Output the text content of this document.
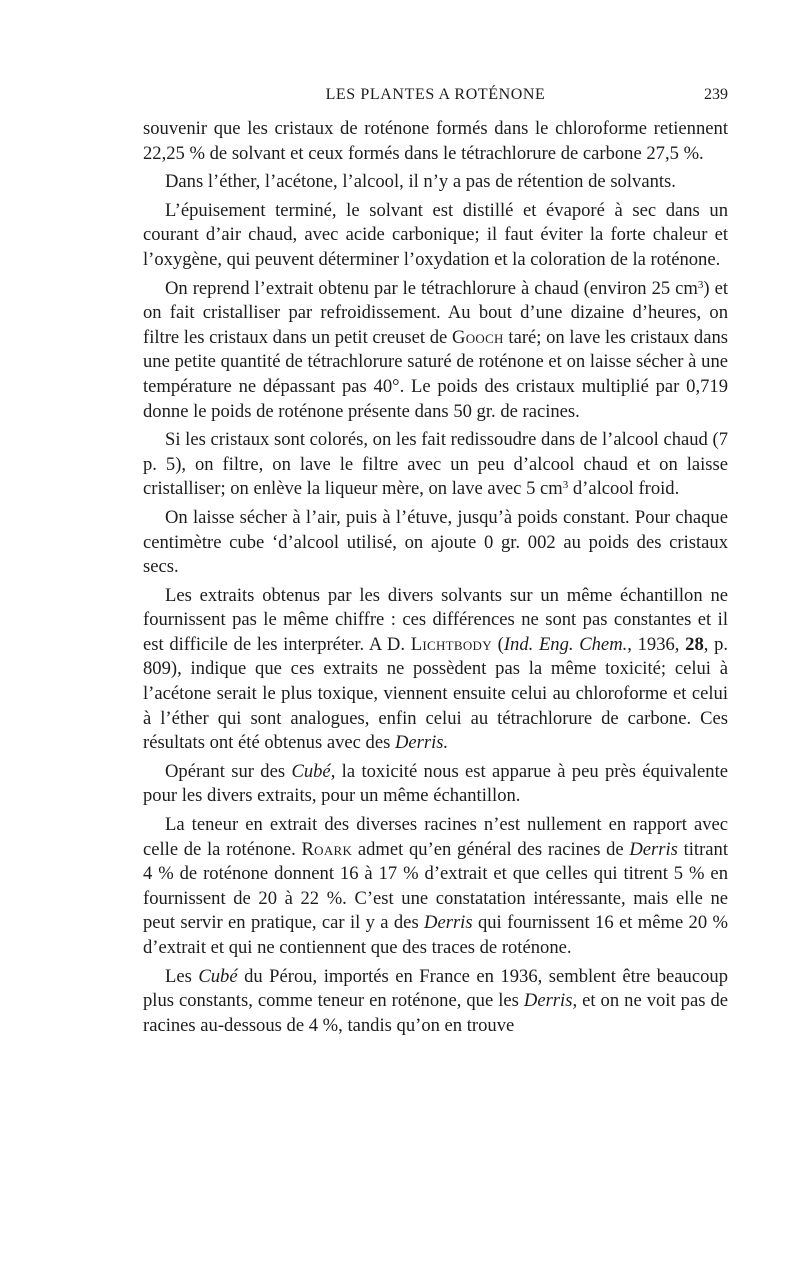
LES PLANTES A ROTÉNONE	239

souvenir que les cristaux de roténone formés dans le chloroforme retiennent 22,25 % de solvant et ceux formés dans le tétrachlorure de carbone 27,5 %.

Dans l’éther, l’acétone, l’alcool, il n’y a pas de rétention de solvants.

L’épuisement terminé, le solvant est distillé et évaporé à sec dans un courant d’air chaud, avec acide carbonique; il faut éviter la forte chaleur et l’oxygène, qui peuvent déterminer l’oxydation et la coloration de la roténone.

On reprend l’extrait obtenu par le tétrachlorure à chaud (environ 25 $cm^3$) et on fait cristalliser par refroidissement. Au bout d’une dizaine d’heures, on filtre les cristaux dans un petit creuset de Gooch taré; on lave les cristaux dans une petite quantité de tétrachlorure saturé de roténone et on laisse sécher à une température ne dépassant pas 40°. Le poids des cristaux multiplié par 0,719 donne le poids de roténone présente dans 50 gr. de racines.

Si les cristaux sont colorés, on les fait redissoudre dans de l’alcool chaud (7 p. 5), on filtre, on lave le filtre avec un peu d’alcool chaud et on laisse cristalliser; on enlève la liqueur mère, on lave avec 5 $cm^3$ d’alcool froid.

On laisse sécher à l’air, puis à l’étuve, jusqu’à poids constant. Pour chaque centimètre cube ‘d’alcool utilisé, on ajoute 0 gr. 002 au poids des cristaux secs.

Les extraits obtenus par les divers solvants sur un même échantillon ne fournissent pas le même chiffre : ces différences ne sont pas constantes et il est difficile de les interpréter. A D. Lichtbody (Ind. Eng. Chem., 1936, 28, p. 809), indique que ces extraits ne possèdent pas la même toxicité; celui à l’acétone serait le plus toxique, viennent ensuite celui au chloroforme et celui à l’éther qui sont analogues, enfin celui au tétrachlorure de carbone. Ces résultats ont été obtenus avec des Derris.

Opérant sur des Cubé, la toxicité nous est apparue à peu près équivalente pour les divers extraits, pour un même échantillon.

La teneur en extrait des diverses racines n’est nullement en rapport avec celle de la roténone. Roark admet qu’en général des racines de Derris titrant 4 % de roténone donnent 16 à 17 % d’extrait et que celles qui titrent 5 % en fournissent de 20 à 22 %. C’est une constatation intéressante, mais elle ne peut servir en pratique, car il y a des Derris qui fournissent 16 et même 20 % d’extrait et qui ne contiennent que des traces de roténone.

Les Cubé du Pérou, importés en France en 1936, semblent être beaucoup plus constants, comme teneur en roténone, que les Derris, et on ne voit pas de racines au-dessous de 4 %, tandis qu’on en trouve
